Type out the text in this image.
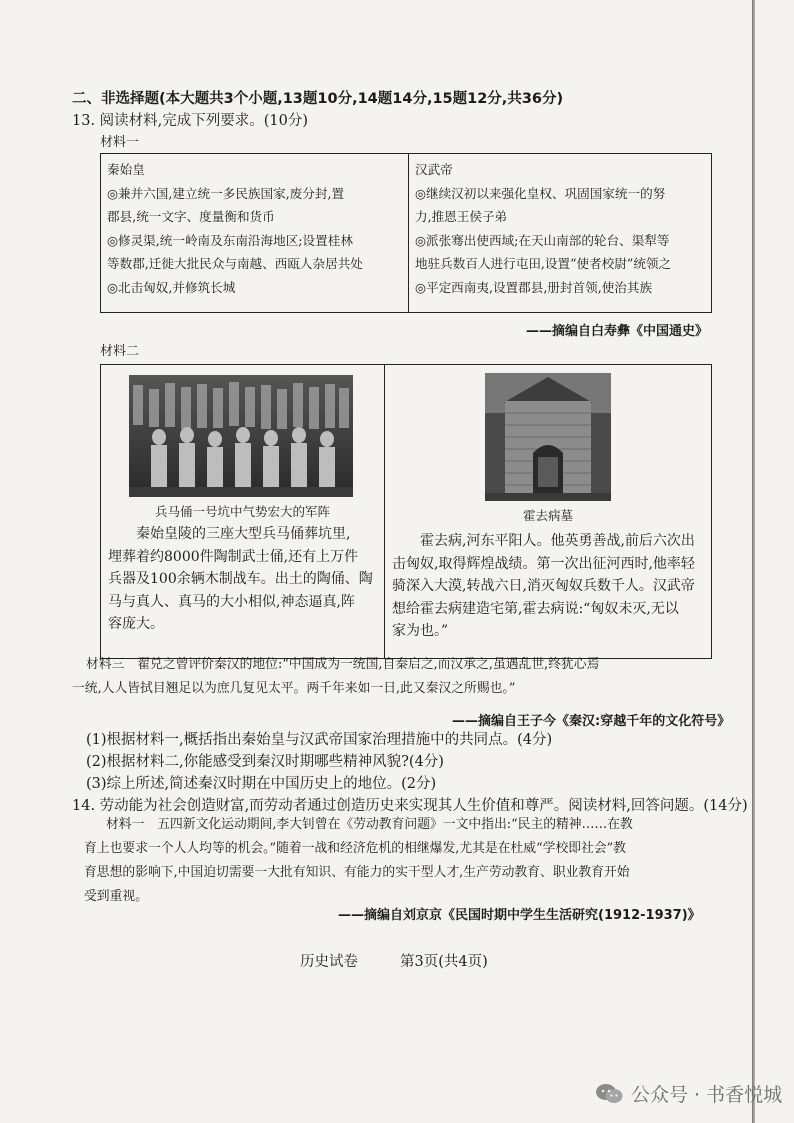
二、非选择题(本大题共3个小题,13题10分,14题14分,15题12分,共36分)
13. 阅读材料,完成下列要求。(10分)
材料一
秦始皇
◎兼并六国,建立统一多民族国家,废分封,置
郡县,统一文字、度量衡和货币
◎修灵渠,统一岭南及东南沿海地区;设置桂林
等数郡,迁徙大批民众与南越、西瓯人杂居共处
◎北击匈奴,并修筑长城
汉武帝
◎继续汉初以来强化皇权、巩固国家统一的努
力,推恩王侯子弟
◎派张骞出使西域;在天山南部的轮台、渠犁等
地驻兵数百人进行屯田,设置“使者校尉”统领之
◎平定西南夷,设置郡县,册封首领,使治其族
——摘编自白寿彝《中国通史》
材料二
兵马俑一号坑中气势宏大的军阵
秦始皇陵的三座大型兵马俑葬坑里,
埋葬着约8000件陶制武士俑,还有上万件
兵器及100余辆木制战车。出土的陶俑、陶
马与真人、真马的大小相似,神态逼真,阵
容庞大。
霍去病墓
霍去病,河东平阳人。他英勇善战,前后六次出
击匈奴,取得辉煌战绩。第一次出征河西时,他率轻
骑深入大漠,转战六日,消灭匈奴兵数千人。汉武帝
想给霍去病建造宅第,霍去病说:“匈奴未灭,无以
家为也。”
材料三　翟兑之曾评价秦汉的地位:“中国成为一统国,自秦启之,而汉承之,虽遇乱世,终犹心焉
一统,人人皆拭目翘足以为庶几复见太平。两千年来如一日,此又秦汉之所赐也。”
——摘编自王子今《秦汉:穿越千年的文化符号》
(1)根据材料一,概括指出秦始皇与汉武帝国家治理措施中的共同点。(4分)
(2)根据材料二,你能感受到秦汉时期哪些精神风貌?(4分)
(3)综上所述,简述秦汉时期在中国历史上的地位。(2分)
14. 劳动能为社会创造财富,而劳动者通过创造历史来实现其人生价值和尊严。阅读材料,回答问题。(14分)
材料一　五四新文化运动期间,李大钊曾在《劳动教育问题》一文中指出:“民主的精神……在教
育上也要求一个人人均等的机会。”随着一战和经济危机的相继爆发,尤其是在杜威“学校即社会”教
育思想的影响下,中国迫切需要一大批有知识、有能力的实干型人才,生产劳动教育、职业教育开始
受到重视。
——摘编自刘京京《民国时期中学生生活研究(1912-1937)》
历史试卷	第3页(共4页)
公众号 · 书香悦城
